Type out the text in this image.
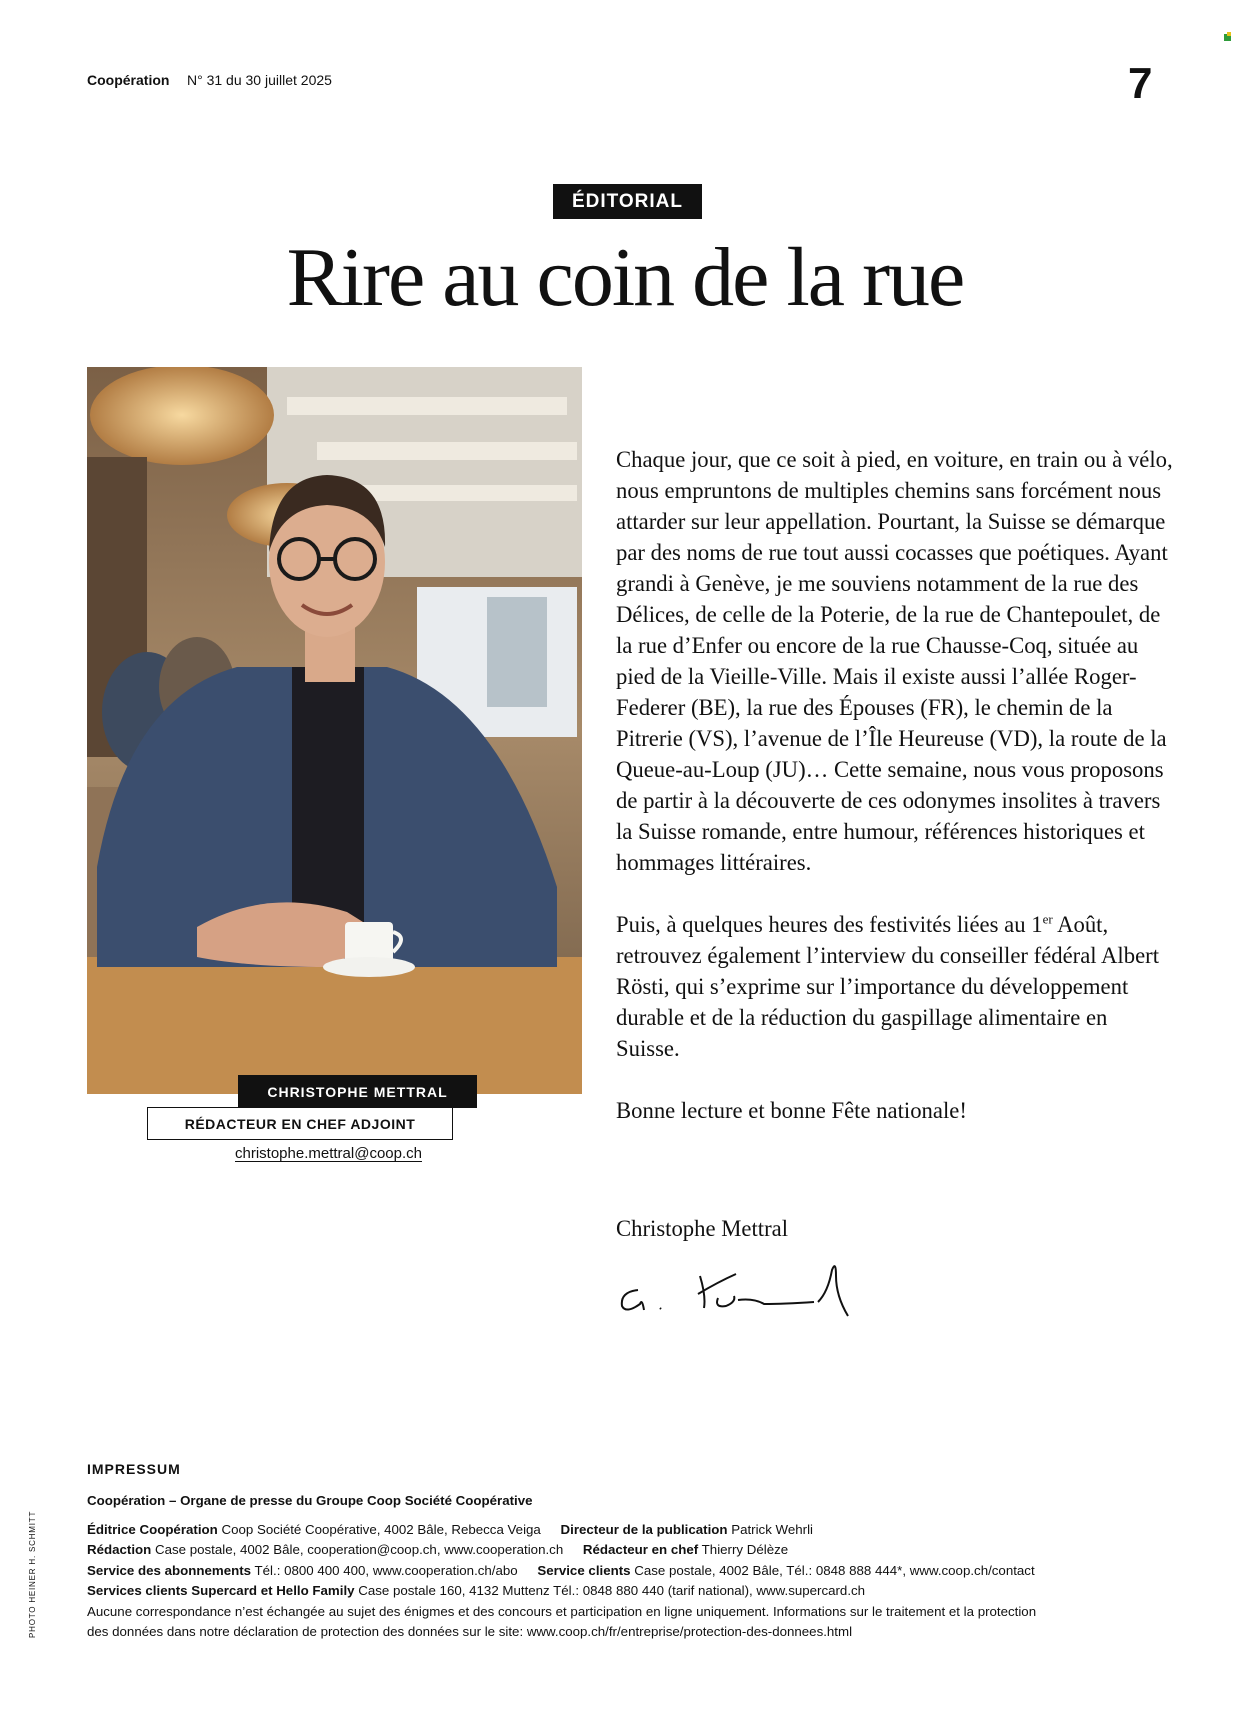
Coopération N° 31 du 30 juillet 2025	7
ÉDITORIAL
Rire au coin de la rue
CHRISTOPHE METTRAL
RÉDACTEUR EN CHEF ADJOINT
christophe.mettral@coop.ch

Chaque jour, que ce soit à pied, en voiture, en train ou à vélo, nous empruntons de multiples chemins sans forcément nous attarder sur leur appellation. Pourtant, la Suisse se démarque par des noms de rue tout aussi cocasses que poétiques. Ayant grandi à Genève, je me souviens notamment de la rue des Délices, de celle de la Poterie, de la rue de Chantepoulet, de la rue d’Enfer ou encore de la rue Chausse-Coq, située au pied de la Vieille-Ville. Mais il existe aussi l’allée Roger-Federer (BE), la rue des Épouses (FR), le chemin de la Pitrerie (VS), l’avenue de l’Île Heureuse (VD), la route de la Queue-au-Loup (JU)… Cette semaine, nous vous proposons de partir à la découverte de ces odonymes insolites à travers la Suisse romande, entre humour, références historiques et hommages littéraires.

Puis, à quelques heures des festivités liées au 1er Août, retrouvez également l’interview du conseiller fédéral Albert Rösti, qui s’exprime sur l’importance du développement durable et de la réduction du gaspillage alimentaire en Suisse.

Bonne lecture et bonne Fête nationale!

Christophe Mettral
IMPRESSUM
Coopération – Organe de presse du Groupe Coop Société Coopérative
Éditrice Coopération Coop Société Coopérative, 4002 Bâle, Rebecca Veiga Directeur de la publication Patrick Wehrli
Rédaction Case postale, 4002 Bâle, cooperation@coop.ch, www.cooperation.ch Rédacteur en chef Thierry Délèze
Service des abonnements Tél.: 0800 400 400, www.cooperation.ch/abo Service clients Case postale, 4002 Bâle, Tél.: 0848 888 444*, www.coop.ch/contact
Services clients Supercard et Hello Family Case postale 160, 4132 Muttenz Tél.: 0848 880 440 (tarif national), www.supercard.ch
Aucune correspondance n’est échangée au sujet des énigmes et des concours et participation en ligne uniquement. Informations sur le traitement et la protection
des données dans notre déclaration de protection des données sur le site: www.coop.ch/fr/entreprise/protection-des-donnees.html
PHOTO HEINER H. SCHMITT
